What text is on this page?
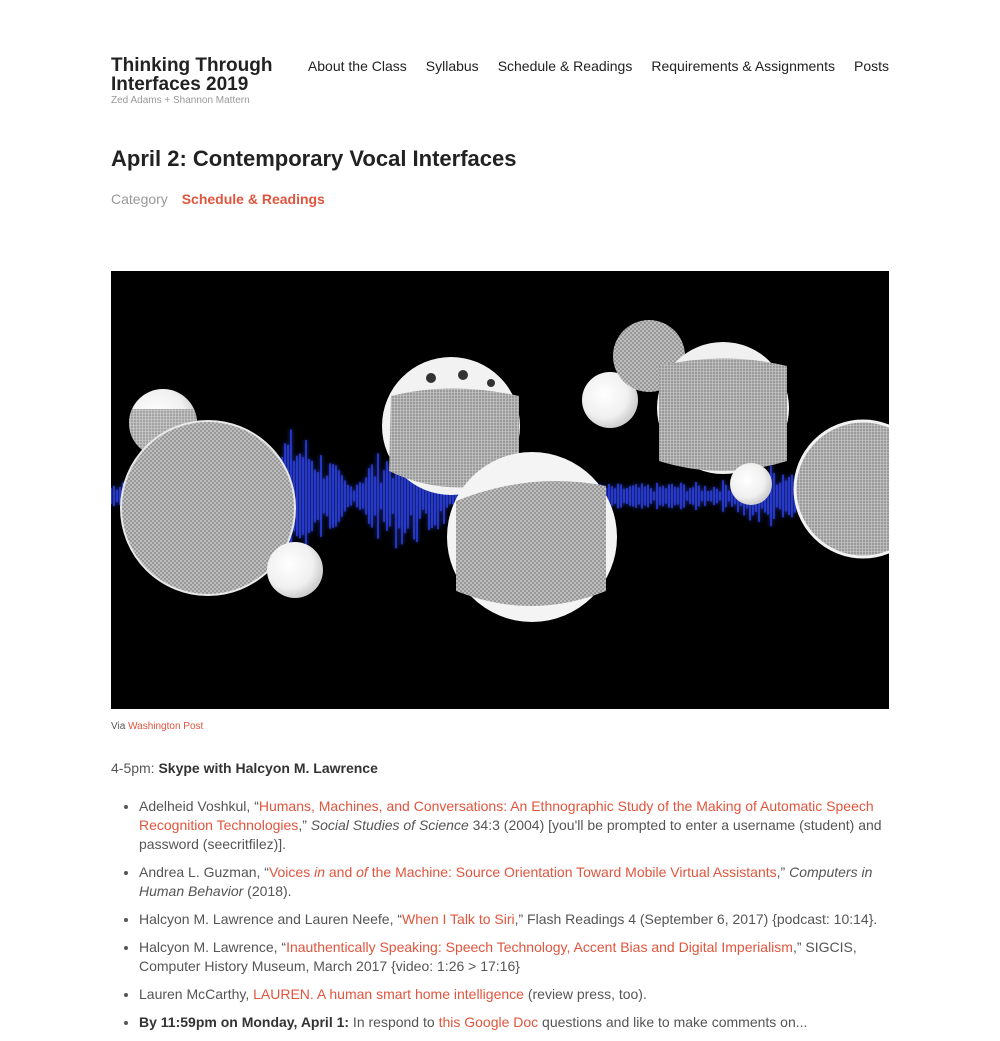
Thinking Through Interfaces 2019
Zed Adams + Shannon Mattern
About the Class Syllabus Schedule & Readings Requirements & Assignments Posts
April 2: Contemporary Vocal Interfaces
Category Schedule & Readings
Via Washington Post
4-5pm: Skype with Halcyon M. Lawrence
• Adelheid Voshkul, “Humans, Machines, and Conversations: An Ethnographic Study of the Making of Automatic Speech Recognition Technologies,” Social Studies of Science 34:3 (2004) [you'll be prompted to enter a username (student) and password (seecritfilez)].
• Andrea L. Guzman, “Voices in and of the Machine: Source Orientation Toward Mobile Virtual Assistants,” Computers in Human Behavior (2018).
• Halcyon M. Lawrence and Lauren Neefe, “When I Talk to Siri,” Flash Readings 4 (September 6, 2017) {podcast: 10:14}.
• Halcyon M. Lawrence, “Inauthentically Speaking: Speech Technology, Accent Bias and Digital Imperialism,” SIGCIS, Computer History Museum, March 2017 {video: 1:26 > 17:16}
• Lauren McCarthy, LAUREN. A human smart home intelligence (review press, too).
• By 11:59pm on Monday, April 1: In respond to this Google Doc questions and like to make comments on...
